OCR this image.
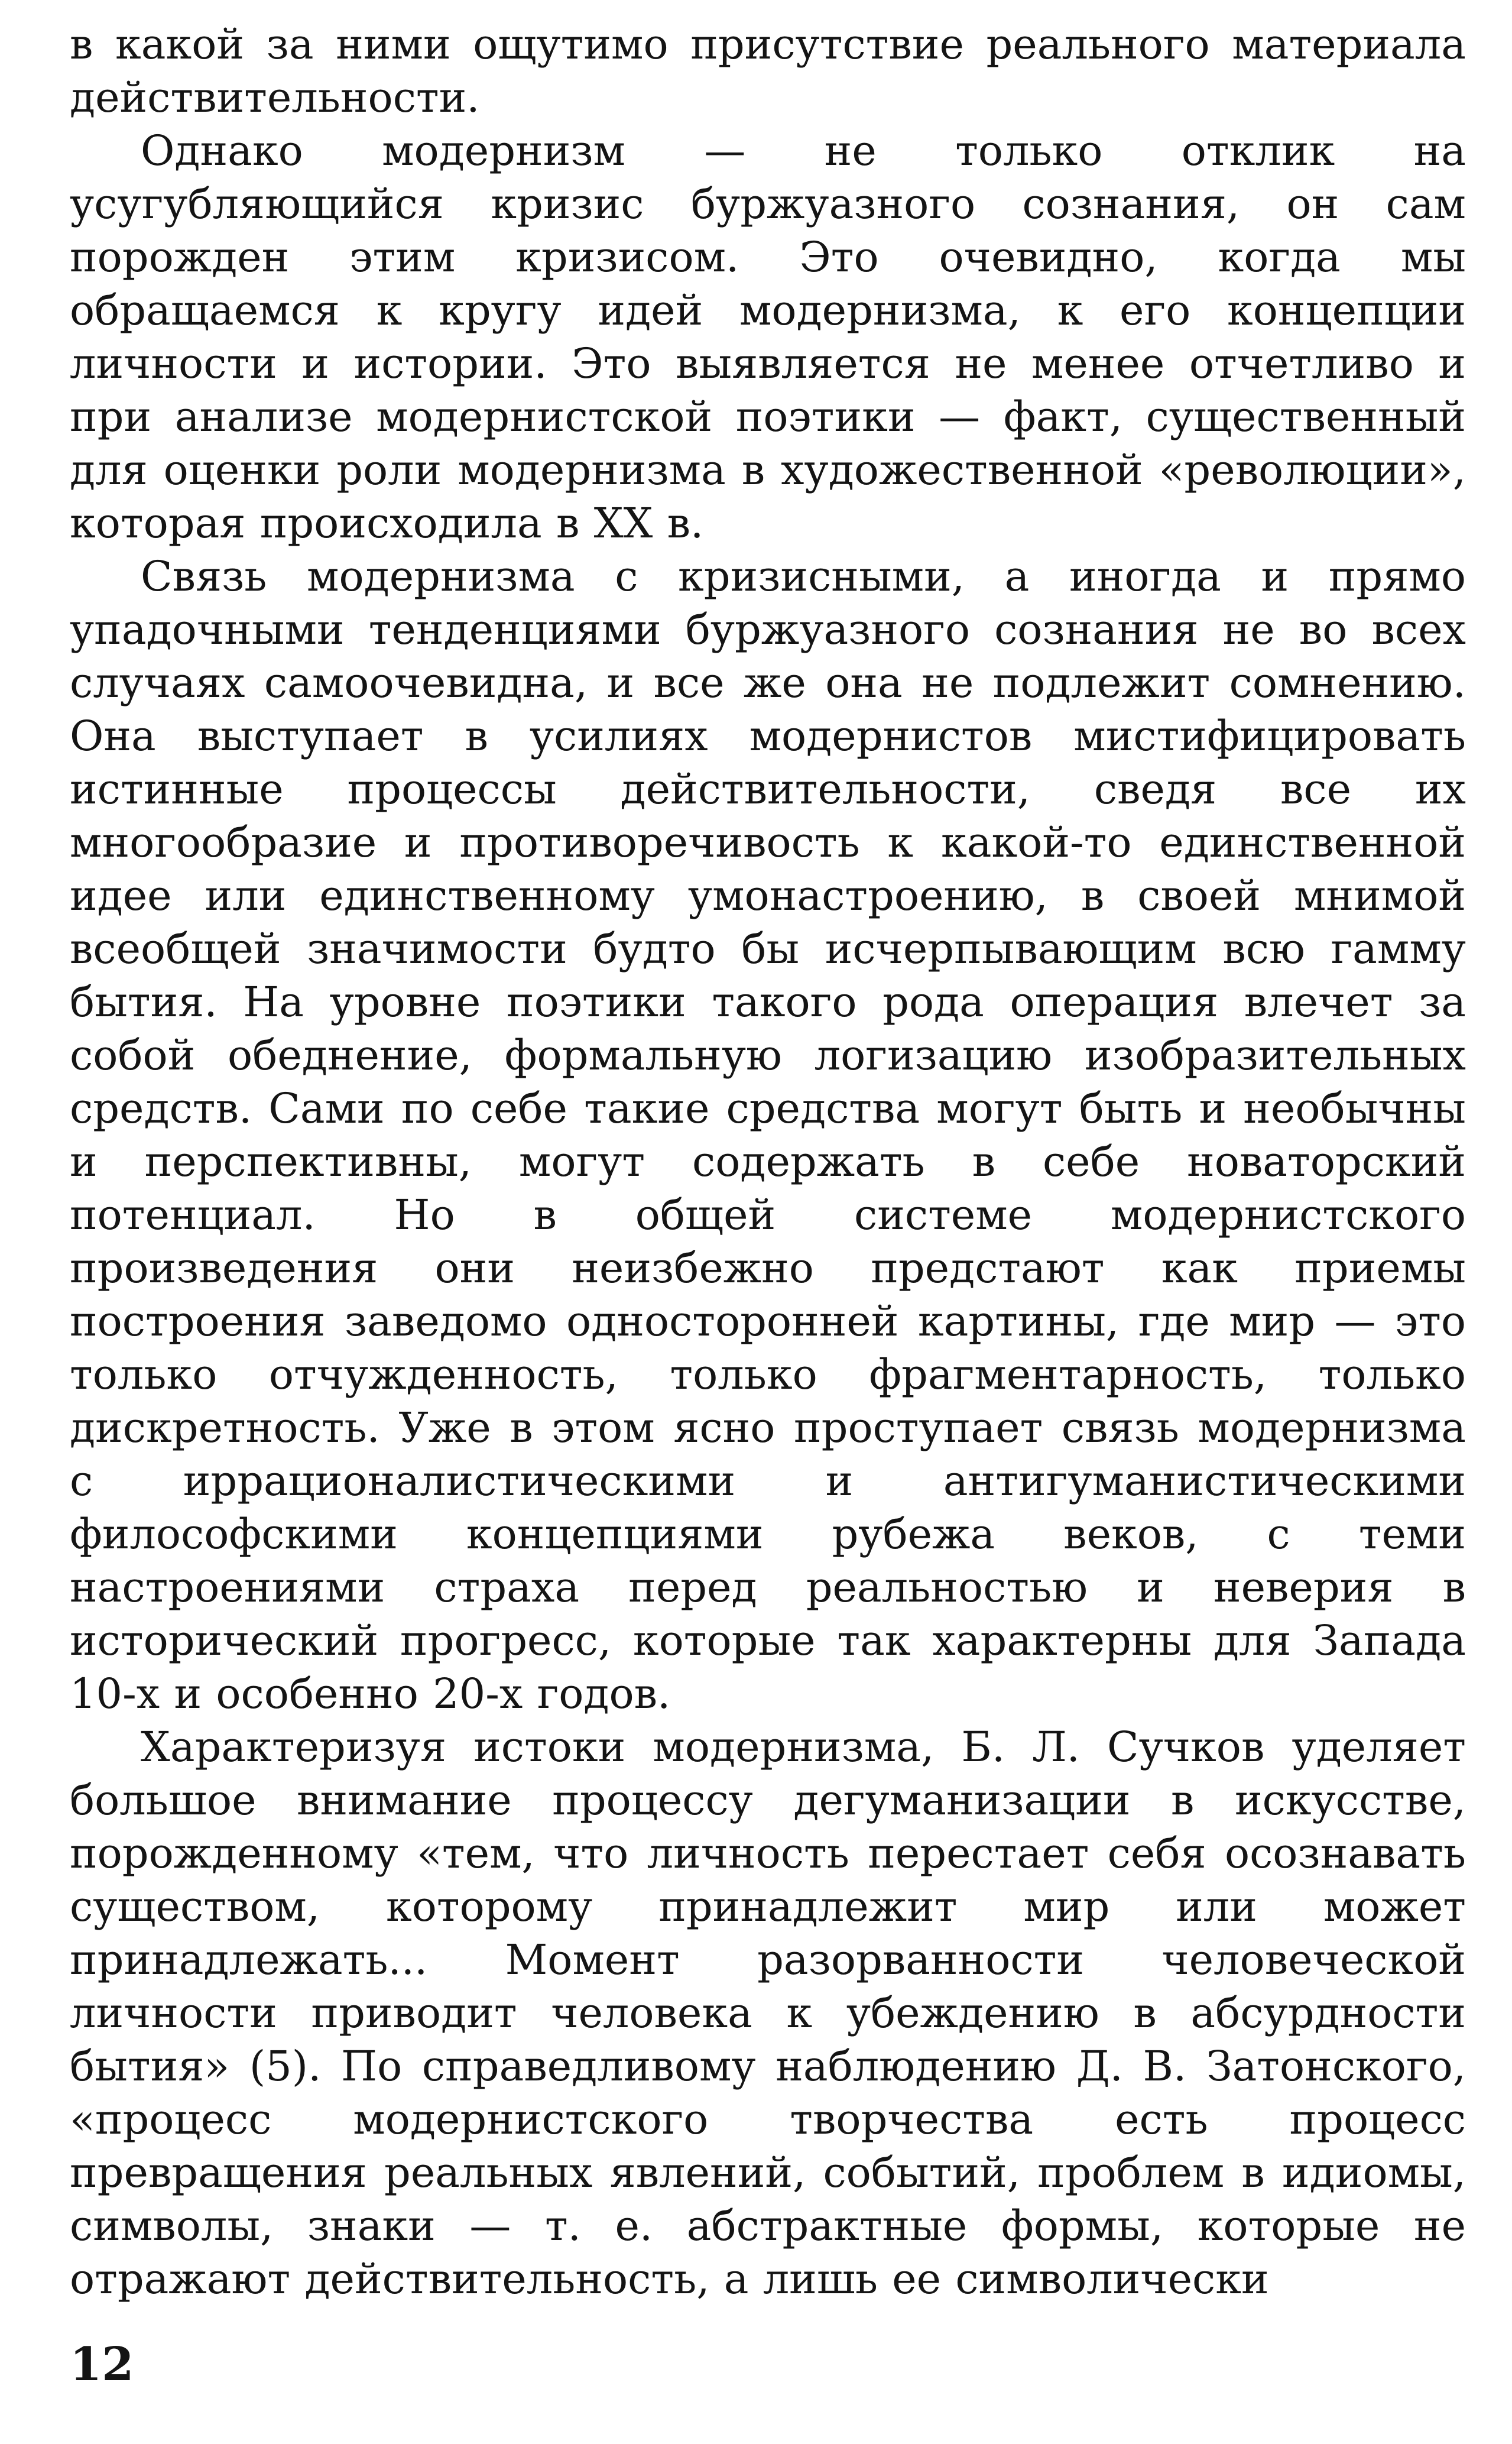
в какой за ними ощутимо присутствие реального материала действительности.

Однако модернизм — не только отклик на усугубляющийся кризис буржуазного сознания, он сам порожден этим кризисом. Это очевидно, когда мы обращаемся к кругу идей модернизма, к его концепции личности и истории. Это выявляется не менее отчетливо и при анализе модернистской поэтики — факт, существенный для оценки роли модернизма в художественной «революции», которая происходила в XX в.

Связь модернизма с кризисными, а иногда и прямо упадочными тенденциями буржуазного сознания не во всех случаях самоочевидна, и все же она не подлежит сомнению. Она выступает в усилиях модернистов мистифицировать истинные процессы действительности, сведя все их многообразие и противоречивость к какой-то единственной идее или единственному умонастроению, в своей мнимой всеобщей значимости будто бы исчерпывающим всю гамму бытия. На уровне поэтики такого рода операция влечет за собой обеднение, формальную логизацию изобразительных средств. Сами по себе такие средства могут быть и необычны и перспективны, могут содержать в себе новаторский потенциал. Но в общей системе модернистского произведения они неизбежно предстают как приемы построения заведомо односторонней картины, где мир — это только отчужденность, только фрагментарность, только дискретность. Уже в этом ясно проступает связь модернизма с иррационалистическими и антигуманистическими философскими концепциями рубежа веков, с теми настроениями страха перед реальностью и неверия в исторический прогресс, которые так характерны для Запада 10-х и особенно 20-х годов.

Характеризуя истоки модернизма, Б. Л. Сучков уделяет большое внимание процессу дегуманизации в искусстве, порожденному «тем, что личность перестает себя осознавать существом, которому принадлежит мир или может принадлежать... Момент разорванности человеческой личности приводит человека к убеждению в абсурдности бытия» (5). По справедливому наблюдению Д. В. Затонского, «процесс модернистского творчества есть процесс превращения реальных явлений, событий, проблем в идиомы, символы, знаки — т. е. абстрактные формы, которые не отражают действительность, а лишь ее символически

12
